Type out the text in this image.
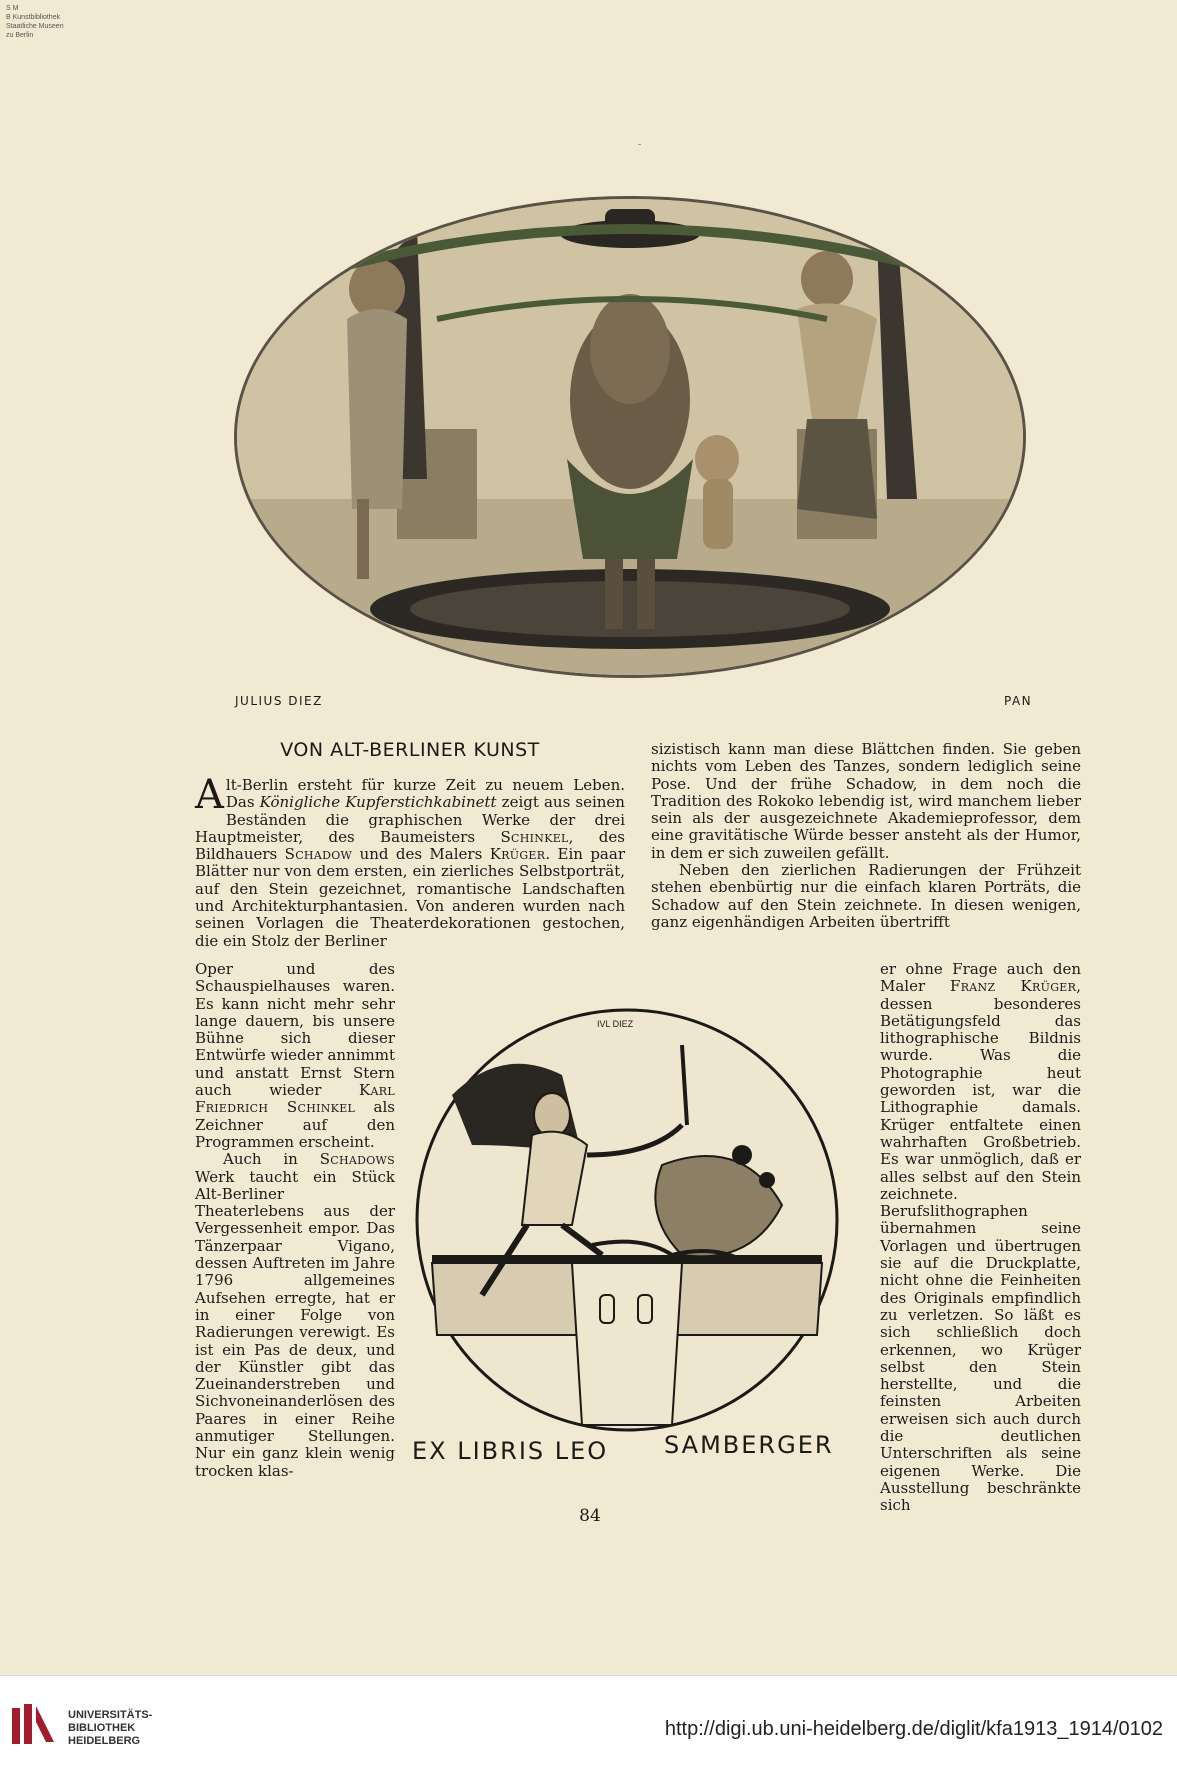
S M
B Kunstbibliothek
Staatliche Museen
zu Berlin
ˉ
JULIUS DIEZ	PAN
VON ALT-BERLINER KUNST

Alt-Berlin ersteht für kurze Zeit zu neuem Leben. Das Königliche Kupferstichkabinett zeigt aus seinen Beständen die graphischen Werke der drei Hauptmeister, des Baumeisters Schinkel, des Bildhauers Schadow und des Malers Krüger. Ein paar Blätter nur von dem ersten, ein zierliches Selbstporträt, auf den Stein gezeichnet, romantische Landschaften und Architekturphantasien. Von anderen wurden nach seinen Vorlagen die Theaterdekorationen gestochen, die ein Stolz der Berliner

Oper und des Schauspielhauses waren. Es kann nicht mehr sehr lange dauern, bis unsere Bühne sich dieser Entwürfe wieder annimmt und anstatt Ernst Stern auch wieder	Karl Friedrich Schinkel als Zeichner auf den Programmen erscheint.

Auch in Schadows Werk taucht ein Stück Alt-Berliner Theaterlebens aus der Vergessenheit empor. Das Tänzerpaar Vigano, dessen Auftreten im Jahre 1796 allgemeines Aufsehen erregte, hat er in einer Folge von Radierungen verewigt. Es ist ein Pas de deux, und der Künstler gibt das Zueinanderstreben und Sichvoneinanderlösen des Paares in einer Reihe anmutiger Stellungen. Nur ein ganz klein wenig trocken klas-

sizistisch kann man diese Blättchen finden. Sie geben nichts vom Leben des Tanzes, sondern lediglich seine Pose. Und der frühe Schadow, in dem noch die Tradition des Rokoko lebendig ist, wird manchem lieber sein als der ausgezeichnete Akademieprofessor, dem eine gravitätische Würde besser ansteht als der Humor, in dem er sich zuweilen gefällt.

Neben den zierlichen Radierungen der Frühzeit stehen ebenbürtig nur die einfach klaren Porträts, die Schadow auf den Stein zeichnete. In diesen wenigen, ganz eigenhändigen Arbeiten übertrifft

er ohne Frage auch den Maler Franz Krüger, dessen besonderes Betätigungsfeld das lithographische Bildnis wurde. Was die Photographie heut geworden ist, war die Lithographie damals. Krüger entfaltete einen wahrhaften Großbetrieb. Es war unmöglich, daß er alles selbst auf den Stein zeichnete. Berufslithographen übernahmen seine Vorlagen und übertrugen sie auf die Druckplatte, nicht ohne die Feinheiten des Originals empfindlich zu verletzen. So läßt es sich schließlich doch erkennen, wo Krüger selbst den Stein herstellte, und die feinsten Arbeiten erweisen sich auch durch die deutlichen Unterschriften als seine eigenen Werke. Die Ausstellung beschränkte sich

IVL DIEZ
EX LIBRIS LEO SAMBERGER
84
UNIVERSITÄTS-
BIBLIOTHEK
HEIDELBERG
http://digi.ub.uni-heidelberg.de/diglit/kfa1913_1914/0102
